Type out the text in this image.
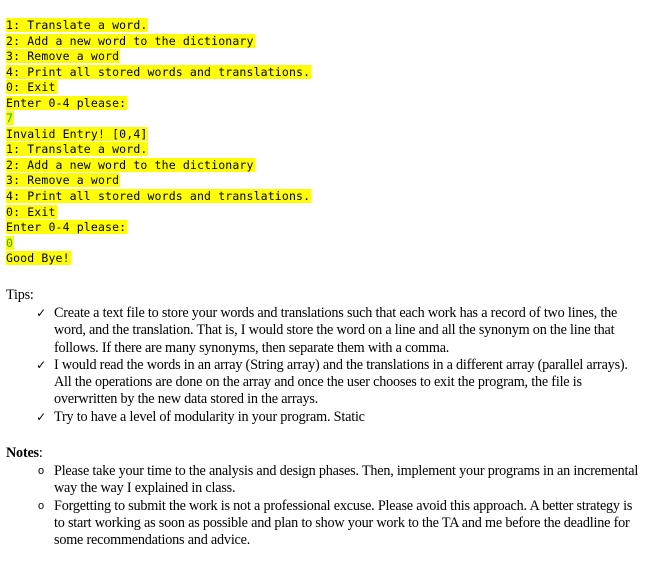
1: Translate a word.
2: Add a new word to the dictionary
3: Remove a word
4: Print all stored words and translations.
0: Exit
Enter 0-4 please:
7
Invalid Entry! [0,4]
1: Translate a word.
2: Add a new word to the dictionary
3: Remove a word
4: Print all stored words and translations.
0: Exit
Enter 0-4 please:
0
Good Bye!
Tips:
✓ Create a text file to store your words and translations such that each work has a record of two lines, the word, and the translation. That is, I would store the word on a line and all the synonym on the line that follows. If there are many synonyms, then separate them with a comma.
✓ I would read the words in an array (String array) and the translations in a different array (parallel arrays). All the operations are done on the array and once the user chooses to exit the program, the file is overwritten by the new data stored in the arrays.
✓ Try to have a level of modularity in your program. Static
Notes:
o Please take your time to the analysis and design phases. Then, implement your programs in an incremental way the way I explained in class.
o Forgetting to submit the work is not a professional excuse. Please avoid this approach. A better strategy is to start working as soon as possible and plan to show your work to the TA and me before the deadline for some recommendations and advice.
